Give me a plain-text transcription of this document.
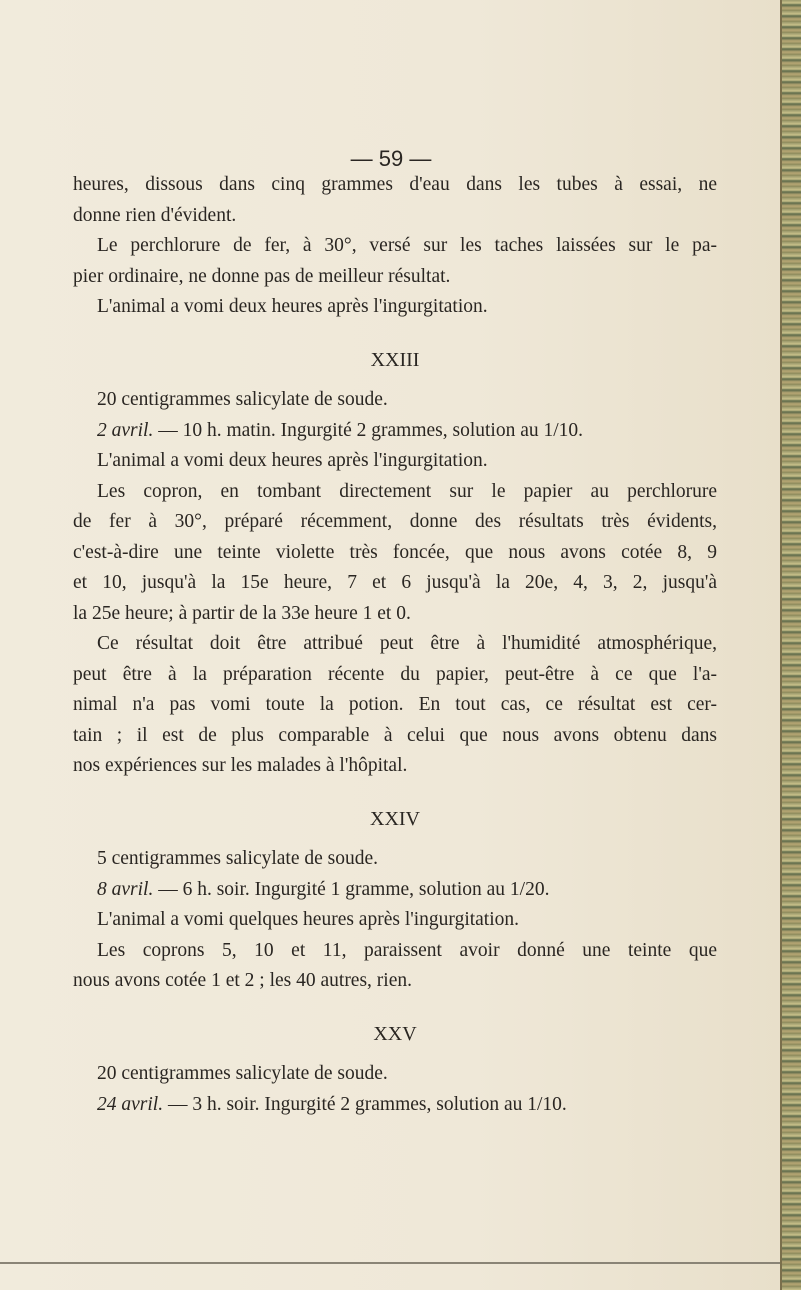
— 59 —
heures, dissous dans cinq grammes d'eau dans les tubes à essai, ne
donne rien d'évident.
Le perchlorure de fer, à 30°, versé sur les taches laissées sur le pa-
pier ordinaire, ne donne pas de meilleur résultat.
L'animal a vomi deux heures après l'ingurgitation.
XXIII
20 centigrammes salicylate de soude.
2 avril. — 10 h. matin. Ingurgité 2 grammes, solution au 1/10.
L'animal a vomi deux heures après l'ingurgitation.
Les copron, en tombant directement sur le papier au perchlorure
de fer à 30°, préparé récemment, donne des résultats très évidents,
c'est-à-dire une teinte violette très foncée, que nous avons cotée 8, 9
et 10, jusqu'à la 15e heure, 7 et 6 jusqu'à la 20e, 4, 3, 2, jusqu'à
la 25e heure; à partir de la 33e heure 1 et 0.
Ce résultat doit être attribué peut être à l'humidité atmosphérique,
peut être à la préparation récente du papier, peut-être à ce que l'a-
nimal n'a pas vomi toute la potion. En tout cas, ce résultat est cer-
tain ; il est de plus comparable à celui que nous avons obtenu dans
nos expériences sur les malades à l'hôpital.
XXIV
5 centigrammes salicylate de soude.
8 avril. — 6 h. soir. Ingurgité 1 gramme, solution au 1/20.
L'animal a vomi quelques heures après l'ingurgitation.
Les coprons 5, 10 et 11, paraissent avoir donné une teinte que
nous avons cotée 1 et 2 ; les 40 autres, rien.
XXV
20 centigrammes salicylate de soude.
24 avril. — 3 h. soir. Ingurgité 2 grammes, solution au 1/10.
